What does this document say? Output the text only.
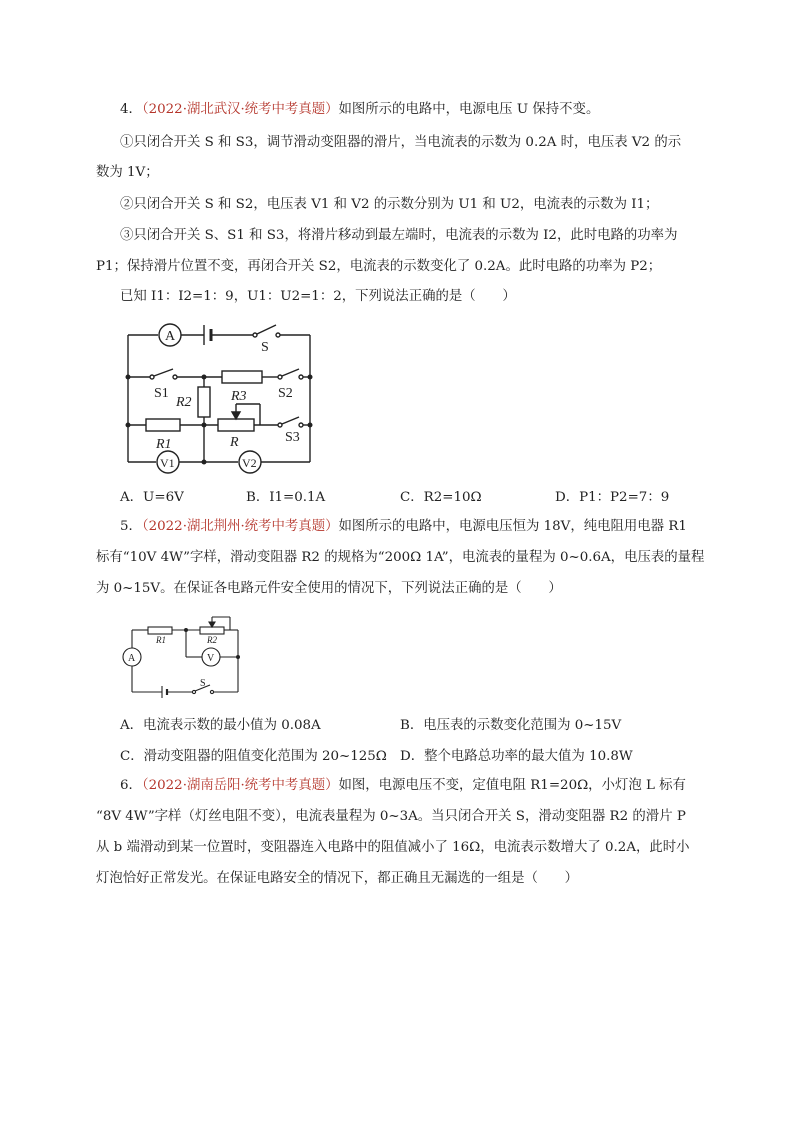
4．（2022·湖北武汉·统考中考真题）如图所示的电路中，电源电压 U 保持不变。
①只闭合开关 S 和 S3，调节滑动变阻器的滑片，当电流表的示数为 0.2A 时，电压表 V2 的示
数为 1V；
②只闭合开关 S 和 S2，电压表 V1 和 V2 的示数分别为 U1 和 U2，电流表的示数为 I1；
③只闭合开关 S、S1 和 S3，将滑片移动到最左端时，电流表的示数为 I2，此时电路的功率为
P1；保持滑片位置不变，再闭合开关 S2，电流表的示数变化了 0.2A。此时电路的功率为 P2；
已知 I1：I2=1：9，U1：U2=1：2，下列说法正确的是（　　）
A
S
S1	S2
S3
R2	R3
R1	R
V1	V2
A．U=6V	B．I1=0.1A	C．R2=10Ω	D．P1：P2=7：9
5．（2022·湖北荆州·统考中考真题）如图所示的电路中，电源电压恒为 18V，纯电阻用电器 R1
标有“10V 4W”字样，滑动变阻器 R2 的规格为“200Ω 1A”，电流表的量程为 0~0.6A，电压表的量程
为 0~15V。在保证各电路元件安全使用的情况下，下列说法正确的是（　　）
R1	R2
A	V
S
A．电流表示数的最小值为 0.08A	B．电压表的示数变化范围为 0~15V
C．滑动变阻器的阻值变化范围为 20~125Ω D．整个电路总功率的最大值为 10.8W
6．（2022·湖南岳阳·统考中考真题）如图，电源电压不变，定值电阻 R1=20Ω，小灯泡 L 标有
“8V 4W”字样（灯丝电阻不变），电流表量程为 0~3A。当只闭合开关 S，滑动变阻器 R2 的滑片 P
从 b 端滑动到某一位置时，变阻器连入电路中的阻值减小了 16Ω，电流表示数增大了 0.2A，此时小
灯泡恰好正常发光。在保证电路安全的情况下，都正确且无漏选的一组是（　　）
